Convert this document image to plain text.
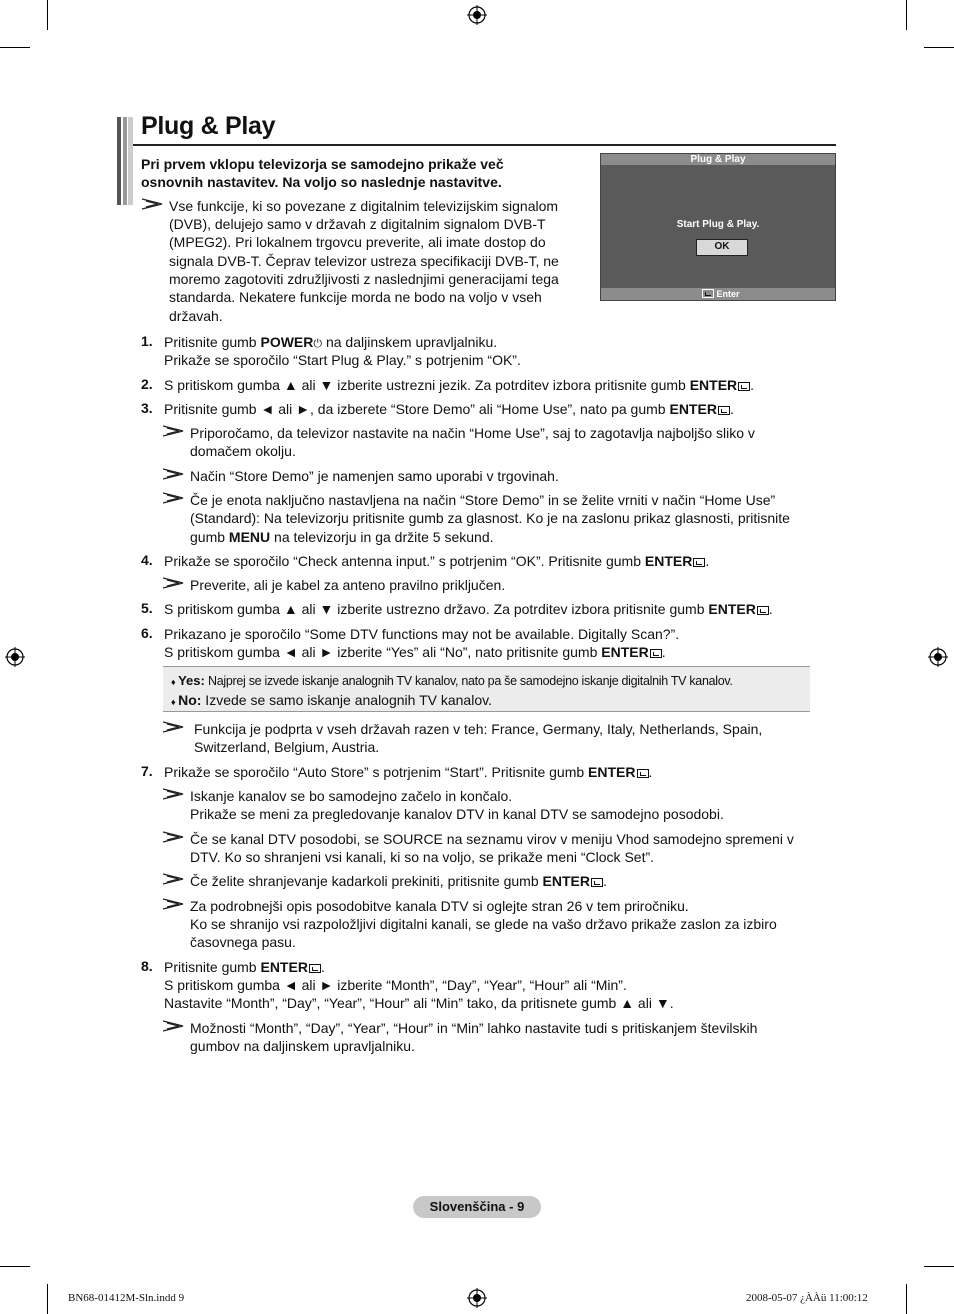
Plug & Play
Pri prvem vklopu televizorja se samodejno prikaže več
osnovnih nastavitev. Na voljo so naslednje nastavitve.
Vse funkcije, ki so povezane z digitalnim televizijskim signalom
(DVB), delujejo samo v državah z digitalnim signalom DVB-T
(MPEG2). Pri lokalnem trgovcu preverite, ali imate dostop do
signala DVB-T. Čeprav televizor ustreza specifikaciji DVB-T, ne
moremo zagotoviti združljivosti z naslednjimi generacijami tega
standarda. Nekatere funkcije morda ne bodo na voljo v vseh
državah.
Plug & Play
Start Plug & Play.
OK
Enter
1. Pritisnite gumb POWER⏻ na daljinskem upravljalniku.
Prikaže se sporočilo “Start Plug & Play.” s potrjenim “OK”.
2. S pritiskom gumba ▲ ali ▼ izberite ustrezni jezik. Za potrditev izbora pritisnite gumb ENTER .
3. Pritisnite gumb ◄ ali ►, da izberete “Store Demo” ali “Home Use”, nato pa gumb ENTER .
Priporočamo, da televizor nastavite na način “Home Use”, saj to zagotavlja najboljšo sliko v
domačem okolju.
Način “Store Demo” je namenjen samo uporabi v trgovinah.
Če je enota naključno nastavljena na način “Store Demo” in se želite vrniti v način “Home Use”
(Standard): Na televizorju pritisnite gumb za glasnost. Ko je na zaslonu prikaz glasnosti, pritisnite
gumb MENU na televizorju in ga držite 5 sekund.
4. Prikaže se sporočilo “Check antenna input.” s potrjenim “OK”. Pritisnite gumb ENTER .
Preverite, ali je kabel za anteno pravilno priključen.
5. S pritiskom gumba ▲ ali ▼ izberite ustrezno državo. Za potrditev izbora pritisnite gumb ENTER .
6. Prikazano je sporočilo “Some DTV functions may not be available. Digitally Scan?”.
S pritiskom gumba ◄ ali ► izberite “Yes” ali “No”, nato pritisnite gumb ENTER .
♦ Yes: Najprej se izvede iskanje analognih TV kanalov, nato pa še samodejno iskanje digitalnih TV kanalov.
♦ No: Izvede se samo iskanje analognih TV kanalov.
Funkcija je podprta v vseh državah razen v teh: France, Germany, Italy, Netherlands, Spain,
Switzerland, Belgium, Austria.
7. Prikaže se sporočilo “Auto Store” s potrjenim “Start”. Pritisnite gumb ENTER .
Iskanje kanalov se bo samodejno začelo in končalo.
Prikaže se meni za pregledovanje kanalov DTV in kanal DTV se samodejno posodobi.
Če se kanal DTV posodobi, se SOURCE na seznamu virov v meniju Vhod samodejno spremeni v
DTV. Ko so shranjeni vsi kanali, ki so na voljo, se prikaže meni “Clock Set”.
Če želite shranjevanje kadarkoli prekiniti, pritisnite gumb ENTER .
Za podrobnejši opis posodobitve kanala DTV si oglejte stran 26 v tem priročniku.
Ko se shranijo vsi razpoložljivi digitalni kanali, se glede na vašo državo prikaže zaslon za izbiro
časovnega pasu.
8. Pritisnite gumb ENTER .
S pritiskom gumba ◄ ali ► izberite “Month”, “Day”, “Year”, “Hour” ali “Min”.
Nastavite “Month”, “Day”, “Year”, “Hour” ali “Min” tako, da pritisnete gumb ▲ ali ▼.
Možnosti “Month”, “Day”, “Year”, “Hour” in “Min” lahko nastavite tudi s pritiskanjem številskih
gumbov na daljinskem upravljalniku.
Slovenščina - 9
BN68-01412M-Sln.indd 9	2008-05-07 ¿ÀÀü 11:00:12
